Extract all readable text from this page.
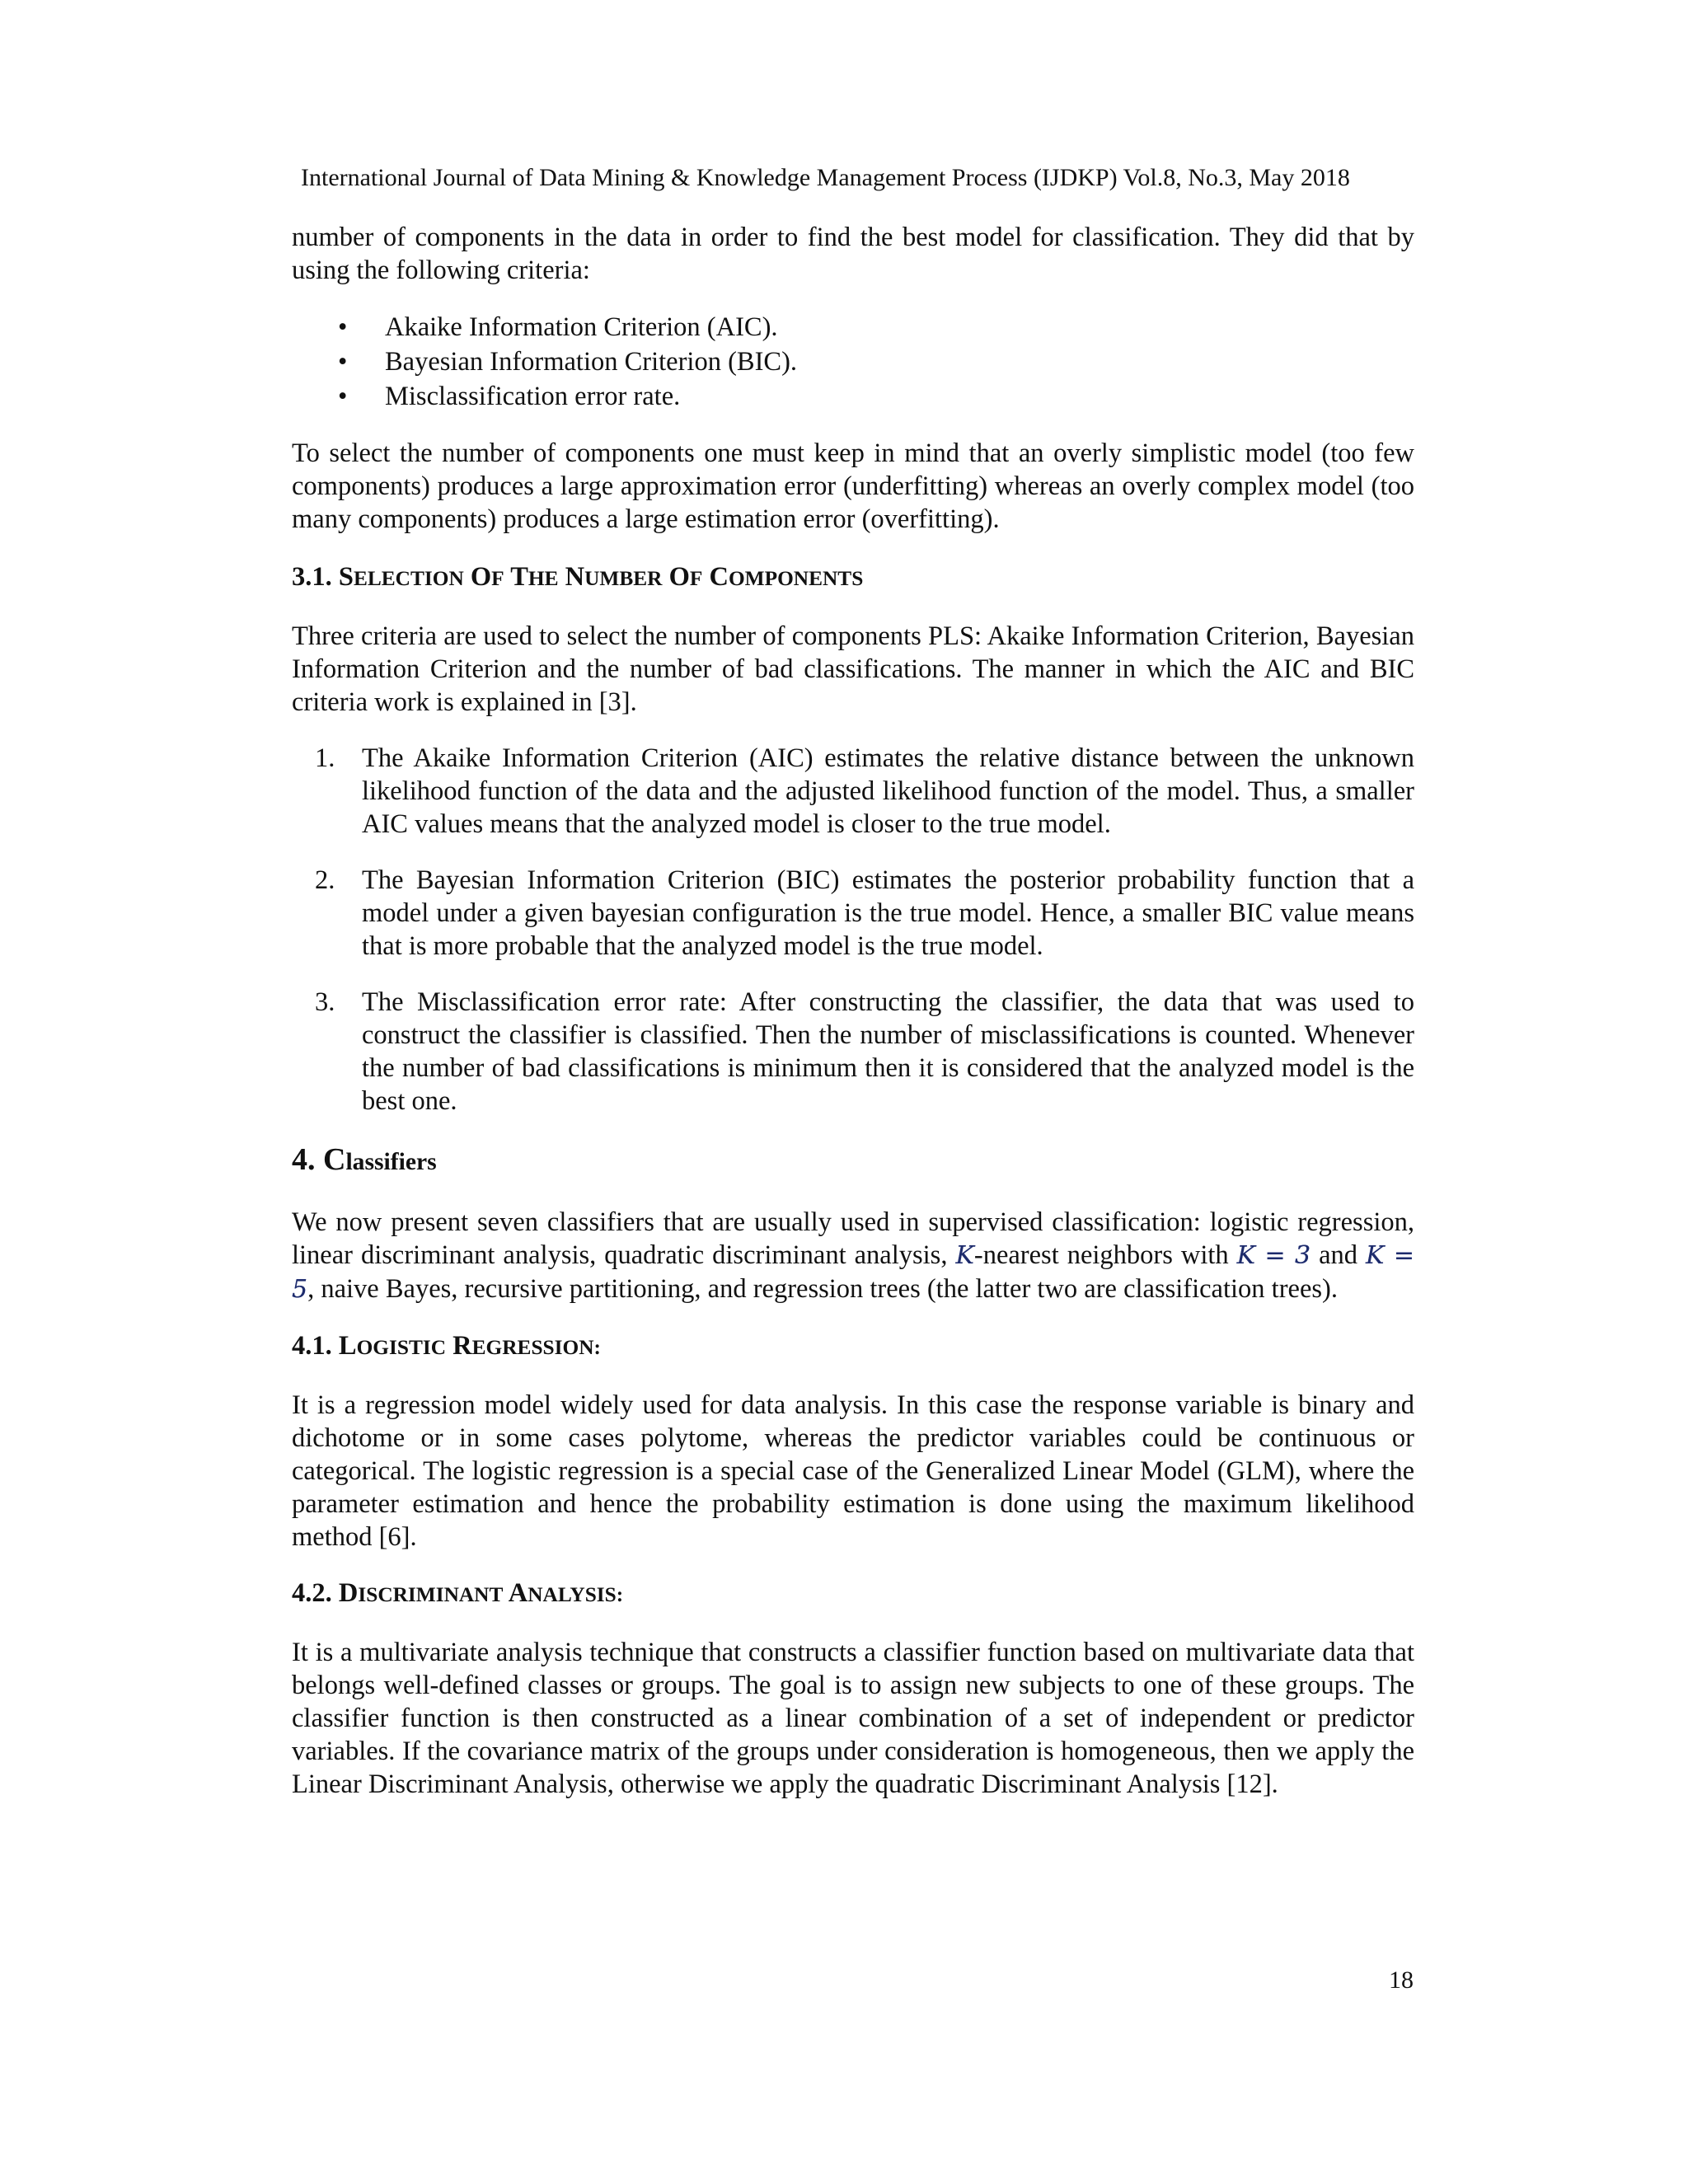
International Journal of Data Mining & Knowledge Management Process (IJDKP) Vol.8, No.3, May 2018

number of components in the data in order to find the best model for classification. They did that by using the following criteria:

• Akaike Information Criterion (AIC).
• Bayesian Information Criterion (BIC).
• Misclassification error rate.

To select the number of components one must keep in mind that an overly simplistic model (too few components) produces a large approximation error (underfitting) whereas an overly complex model (too many components) produces a large estimation error (overfitting).

3.1. SELECTION OF THE NUMBER OF COMPONENTS

Three criteria are used to select the number of components PLS: Akaike Information Criterion, Bayesian Information Criterion and the number of bad classifications. The manner in which the AIC and BIC criteria work is explained in [3].

1. The Akaike Information Criterion (AIC) estimates the relative distance between the unknown likelihood function of the data and the adjusted likelihood function of the model. Thus, a smaller AIC values means that the analyzed model is closer to the true model.

2. The Bayesian Information Criterion (BIC) estimates the posterior probability function that a model under a given bayesian configuration is the true model. Hence, a smaller BIC value means that is more probable that the analyzed model is the true model.

3. The Misclassification error rate: After constructing the classifier, the data that was used to construct the classifier is classified. Then the number of misclassifications is counted. Whenever the number of bad classifications is minimum then it is considered that the analyzed model is the best one.

4. Classifiers

We now present seven classifiers that are usually used in supervised classification: logistic regression, linear discriminant analysis, quadratic discriminant analysis, K-nearest neighbors with K = 3 and K = 5, naive Bayes, recursive partitioning, and regression trees (the latter two are classification trees).

4.1. LOGISTIC REGRESSION:

It is a regression model widely used for data analysis. In this case the response variable is binary and dichotome or in some cases polytome, whereas the predictor variables could be continuous or categorical. The logistic regression is a special case of the Generalized Linear Model (GLM), where the parameter estimation and hence the probability estimation is done using the maximum likelihood method [6].

4.2. DISCRIMINANT ANALYSIS:

It is a multivariate analysis technique that constructs a classifier function based on multivariate data that belongs well-defined classes or groups. The goal is to assign new subjects to one of these groups. The classifier function is then constructed as a linear combination of a set of independent or predictor variables. If the covariance matrix of the groups under consideration is homogeneous, then we apply the Linear Discriminant Analysis, otherwise we apply the quadratic Discriminant Analysis [12].

18
